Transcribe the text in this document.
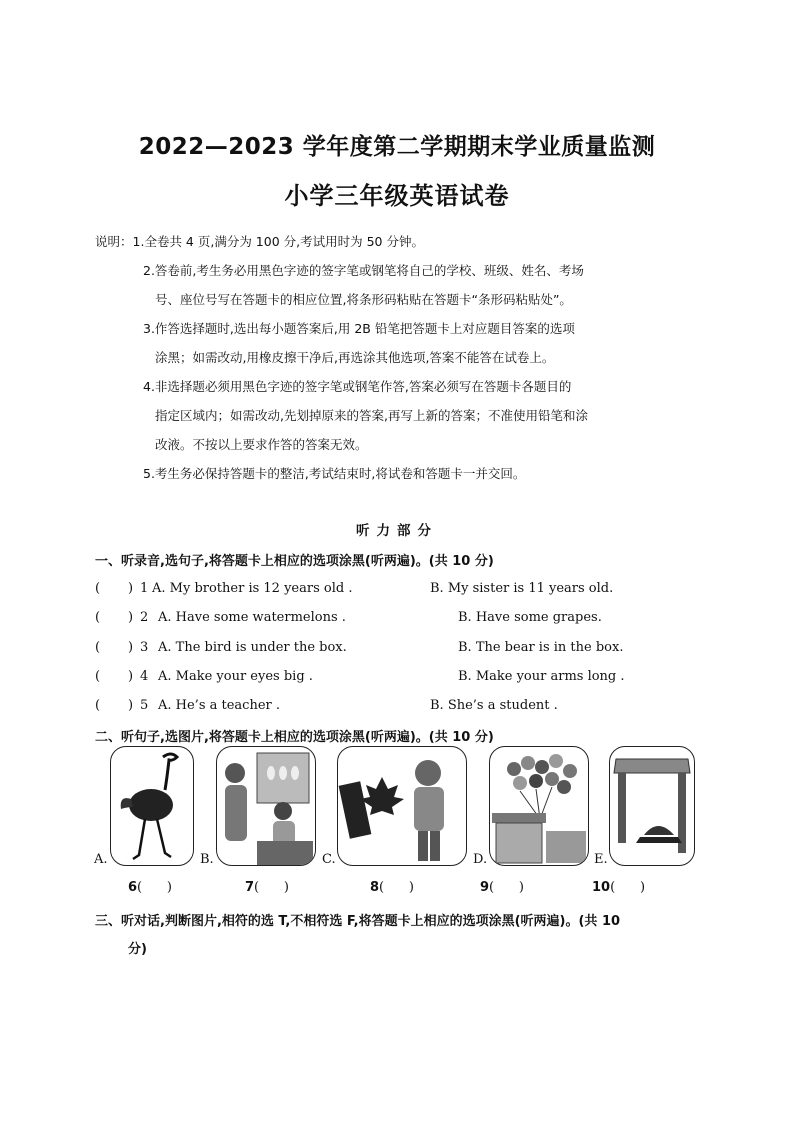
2022—2023 学年度第二学期期末学业质量监测
小学三年级英语试卷
说明：1.全卷共 4 页,满分为 100 分,考试用时为 50 分钟。
2.答卷前,考生务必用黑色字迹的签字笔或钢笔将自己的学校、班级、姓名、考场
号、座位号写在答题卡的相应位置,将条形码粘贴在答题卡“条形码粘贴处”。
3.作答选择题时,选出每小题答案后,用 2B 铅笔把答题卡上对应题目答案的选项
涂黑；如需改动,用橡皮擦干净后,再选涂其他选项,答案不能答在试卷上。
4.非选择题必须用黑色字迹的签字笔或钢笔作答,答案必须写在答题卡各题目的
指定区域内；如需改动,先划掉原来的答案,再写上新的答案；不准使用铅笔和涂
改液。不按以上要求作答的答案无效。
5.考生务必保持答题卡的整洁,考试结束时,将试卷和答题卡一并交回。
听力部分
一、听录音,选句子,将答题卡上相应的选项涂黑(听两遍)。(共 10 分)
( ) 1 A. My brother is 12 years old .	B. My sister is 11 years old.
( ) 2 A. Have some watermelons .	B. Have some grapes.
( ) 3 A. The bird is under the box.	B. The bear is in the box.
( ) 4 A. Make your eyes big .	B. Make your arms long .
( ) 5 A. He’s a teacher .	B. She’s a student .
二、听句子,选图片,将答题卡上相应的选项涂黑(听两遍)。(共 10 分)
A.	B.	C.	D.	E.
6( )	7( )	8( )	9( )	10( )
三、听对话,判断图片,相符的选 T,不相符选 F,将答题卡上相应的选项涂黑(听两遍)。(共 10
分)
